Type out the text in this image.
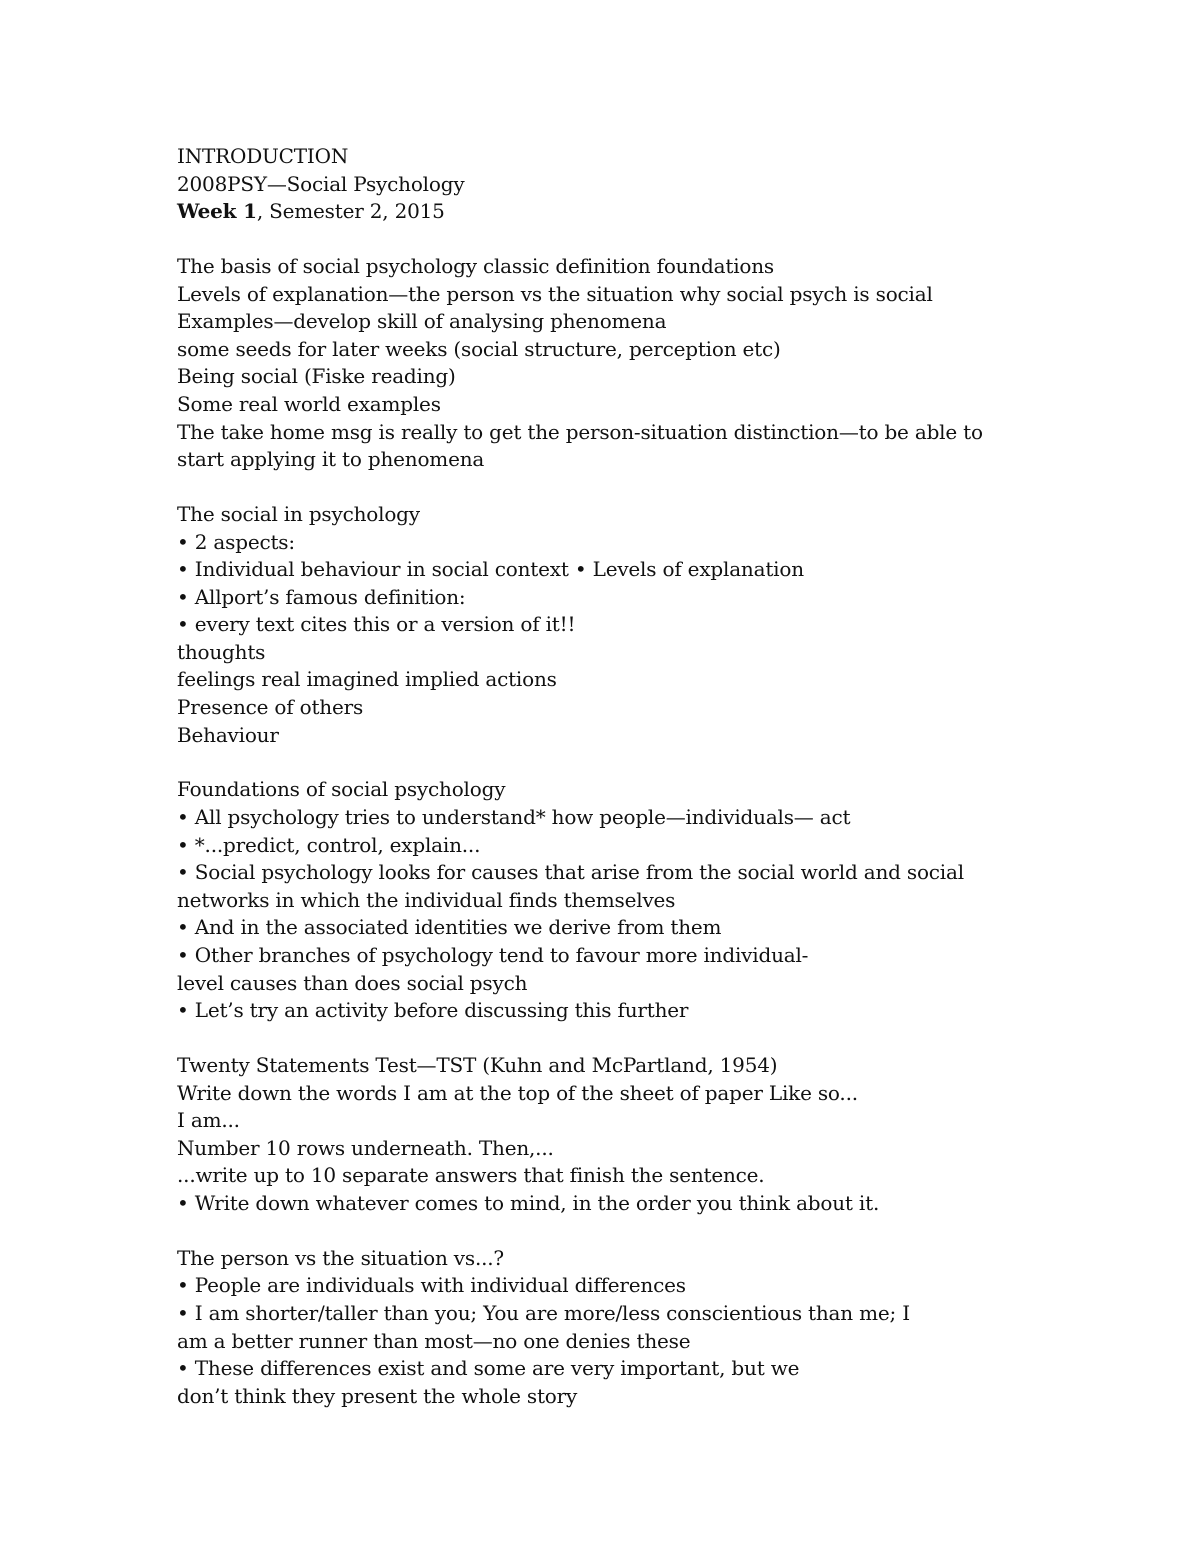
INTRODUCTION
2008PSY—Social Psychology
Week 1, Semester 2, 2015
The basis of social psychology classic definition foundations
Levels of explanation—the person vs the situation why social psych is social
Examples—develop skill of analysing phenomena
some seeds for later weeks (social structure, perception etc)
Being social (Fiske reading)
Some real world examples
The take home msg is really to get the person-situation distinction—to be able to
start applying it to phenomena
The social in psychology
• 2 aspects:
• Individual behaviour in social context • Levels of explanation
• Allport’s famous definition:
• every text cites this or a version of it!!
thoughts
feelings real imagined implied actions
Presence of others
Behaviour
Foundations of social psychology
• All psychology tries to understand* how people—individuals— act
• *...predict, control, explain...
• Social psychology looks for causes that arise from the social world and social
networks in which the individual finds themselves
• And in the associated identities we derive from them
• Other branches of psychology tend to favour more individual-
level causes than does social psych
• Let’s try an activity before discussing this further
Twenty Statements Test—TST (Kuhn and McPartland, 1954)
Write down the words I am at the top of the sheet of paper Like so...
I am...
Number 10 rows underneath. Then,...
...write up to 10 separate answers that finish the sentence.
• Write down whatever comes to mind, in the order you think about it.
The person vs the situation vs...?
• People are individuals with individual differences
• I am shorter/taller than you; You are more/less conscientious than me; I
am a better runner than most—no one denies these
• These differences exist and some are very important, but we
don’t think they present the whole story
